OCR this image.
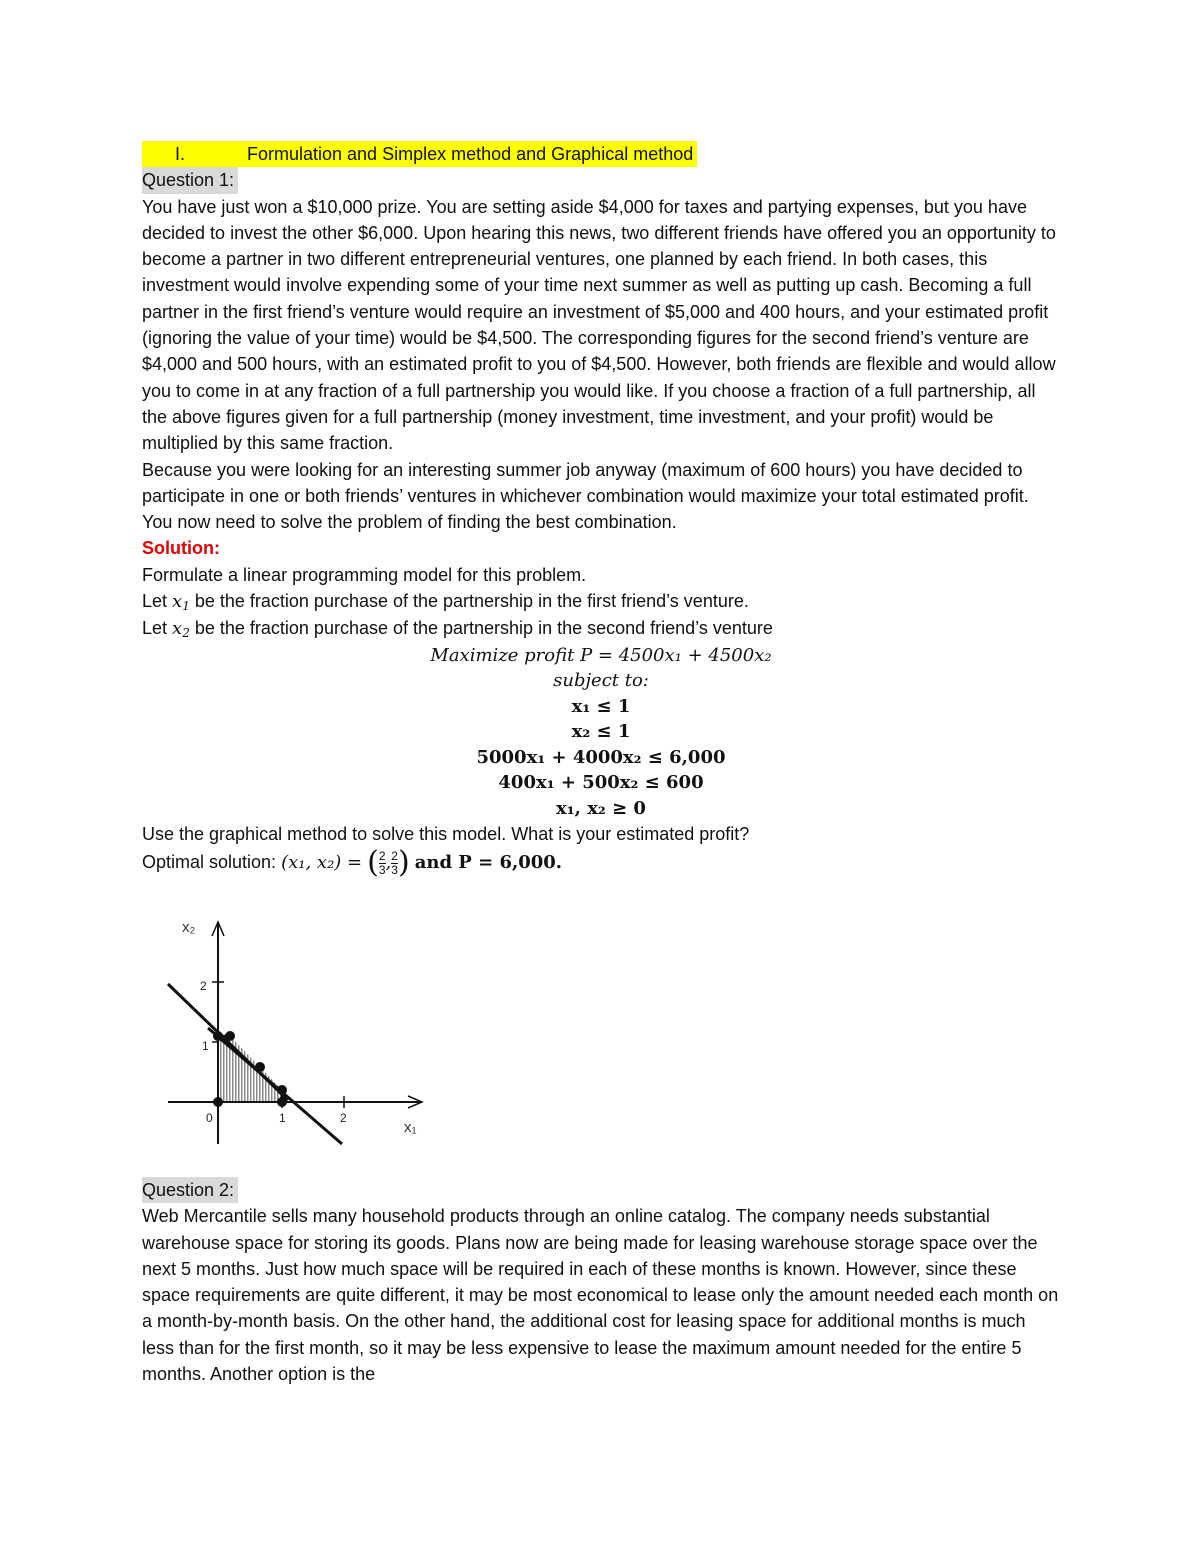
I.	Formulation and Simplex method and Graphical method
Question 1:

You have just won a $10,000 prize. You are setting aside $4,000 for taxes and partying expenses, but you have decided to invest the other $6,000. Upon hearing this news, two different friends have offered you an opportunity to become a partner in two different entrepreneurial ventures, one planned by each friend. In both cases, this investment would involve expending some of your time next summer as well as putting up cash. Becoming a full partner in the first friend’s venture would require an investment of $5,000 and 400 hours, and your estimated profit (ignoring the value of your time) would be $4,500. The corresponding figures for the second friend’s venture are $4,000 and 500 hours, with an estimated profit to you of $4,500. However, both friends are flexible and would allow you to come in at any fraction of a full partnership you would like. If you choose a fraction of a full partnership, all the above figures given for a full partnership (money investment, time investment, and your profit) would be multiplied by this same fraction.

Because you were looking for an interesting summer job anyway (maximum of 600 hours) you have decided to participate in one or both friends’ ventures in whichever combination would maximize your total estimated profit. You now need to solve the problem of finding the best combination.

Solution:

Formulate a linear programming model for this problem.

Let $x_1$ be the fraction purchase of the partnership in the first friend’s venture.

Let $x_2$ be the fraction purchase of the partnership in the second friend’s venture

Maximize profit P = 4500x₁ + 4500x₂
subject to:
x₁ ≤ 1
x₂ ≤ 1
5000x₁ + 4000x₂ ≤ 6,000
400x₁ + 500x₂ ≤ 600
x₁, x₂ ≥ 0

Use the graphical method to solve this model. What is your estimated profit?

Optimal solution: (x₁, x₂) = ( $\frac{2}{3}$ , $\frac{2}{3}$ ) and P = 6,000.

x₂
x₁
2
1
0	1	2
Question 2:

Web Mercantile sells many household products through an online catalog. The company needs substantial warehouse space for storing its goods. Plans now are being made for leasing warehouse storage space over the next 5 months. Just how much space will be required in each of these months is known. However, since these space requirements are quite different, it may be most economical to lease only the amount needed each month on a month-by-month basis. On the other hand, the additional cost for leasing space for additional months is much less than for the first month, so it may be less expensive to lease the maximum amount needed for the entire 5 months. Another option is the
